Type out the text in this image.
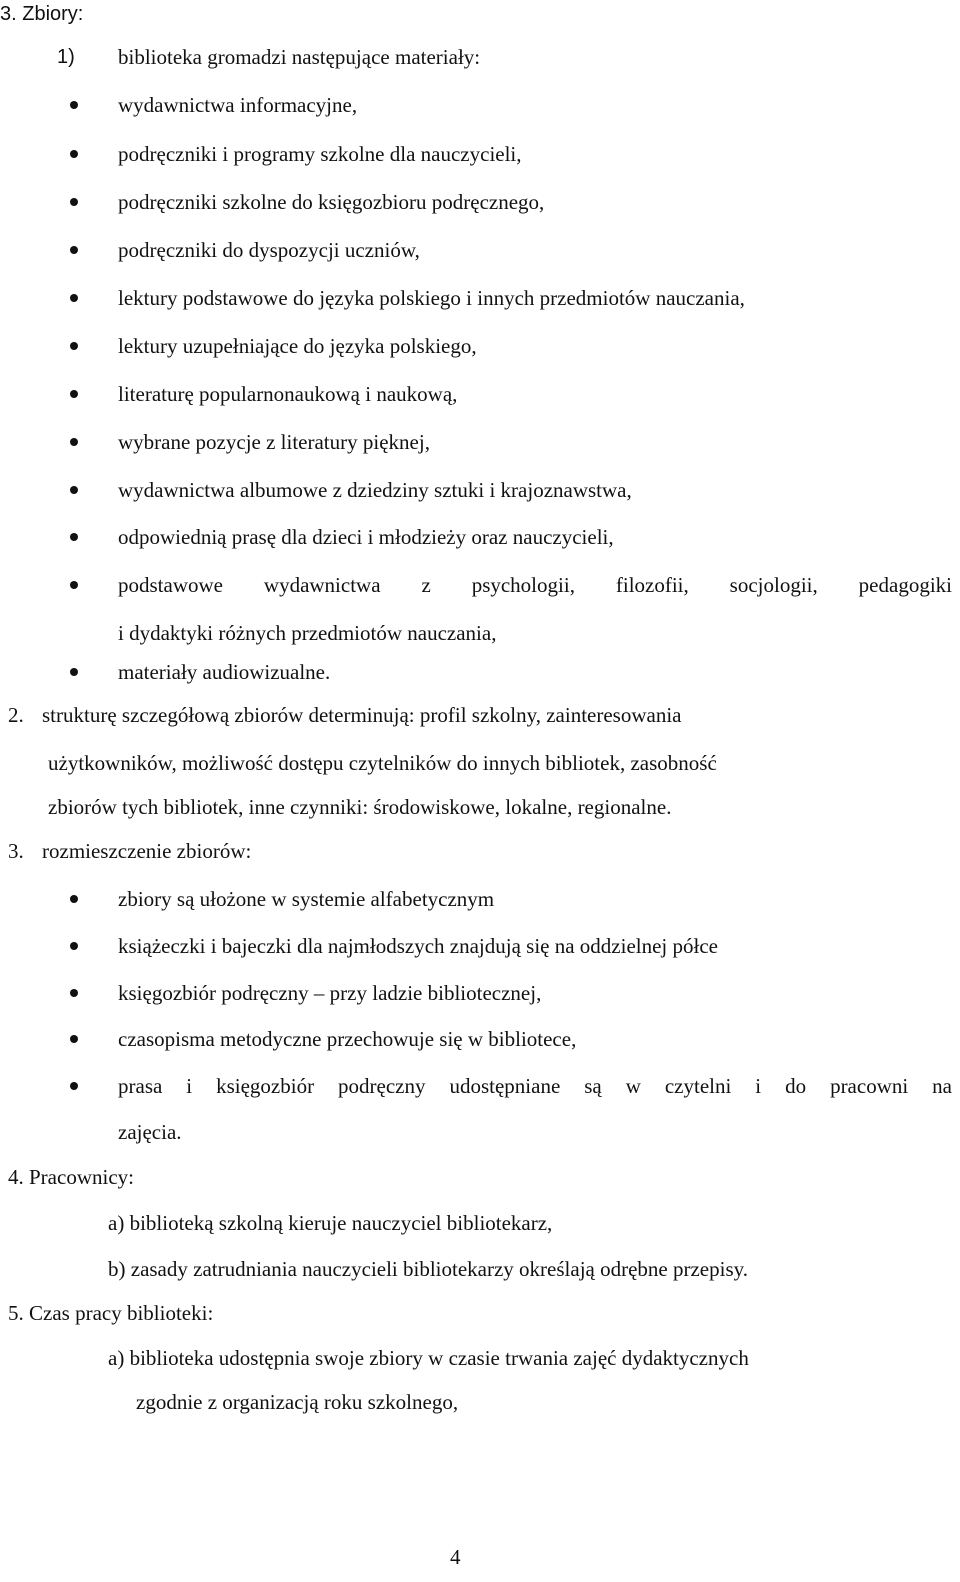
3. Zbiory:
1) biblioteka gromadzi następujące materiały:
wydawnictwa informacyjne,
podręczniki i programy szkolne dla nauczycieli,
podręczniki szkolne do księgozbioru podręcznego,
podręczniki do dyspozycji uczniów,
lektury podstawowe do języka polskiego i innych przedmiotów nauczania,
lektury uzupełniające do języka polskiego,
literaturę popularnonaukową i naukową,
wybrane pozycje z literatury pięknej,
wydawnictwa albumowe z dziedziny sztuki i krajoznawstwa,
odpowiednią prasę dla dzieci i młodzieży oraz nauczycieli,
podstawowe wydawnictwa z psychologii, filozofii, socjologii, pedagogiki
i dydaktyki różnych przedmiotów nauczania,
materiały audiowizualne.
2. strukturę szczegółową zbiorów determinują: profil szkolny, zainteresowania
użytkowników, możliwość dostępu czytelników do innych bibliotek, zasobność
zbiorów tych bibliotek, inne czynniki: środowiskowe, lokalne, regionalne.
3. rozmieszczenie zbiorów:
zbiory są ułożone w systemie alfabetycznym
książeczki i bajeczki dla najmłodszych znajdują się na oddzielnej półce
księgozbiór podręczny – przy ladzie bibliotecznej,
czasopisma metodyczne przechowuje się w bibliotece,
prasa i księgozbiór podręczny udostępniane są w czytelni i do pracowni na
zajęcia.
4. Pracownicy:
a) biblioteką szkolną kieruje nauczyciel bibliotekarz,
b) zasady zatrudniania nauczycieli bibliotekarzy określają odrębne przepisy.
5. Czas pracy biblioteki:
a) biblioteka udostępnia swoje zbiory w czasie trwania zajęć dydaktycznych
zgodnie z organizacją roku szkolnego,
4
